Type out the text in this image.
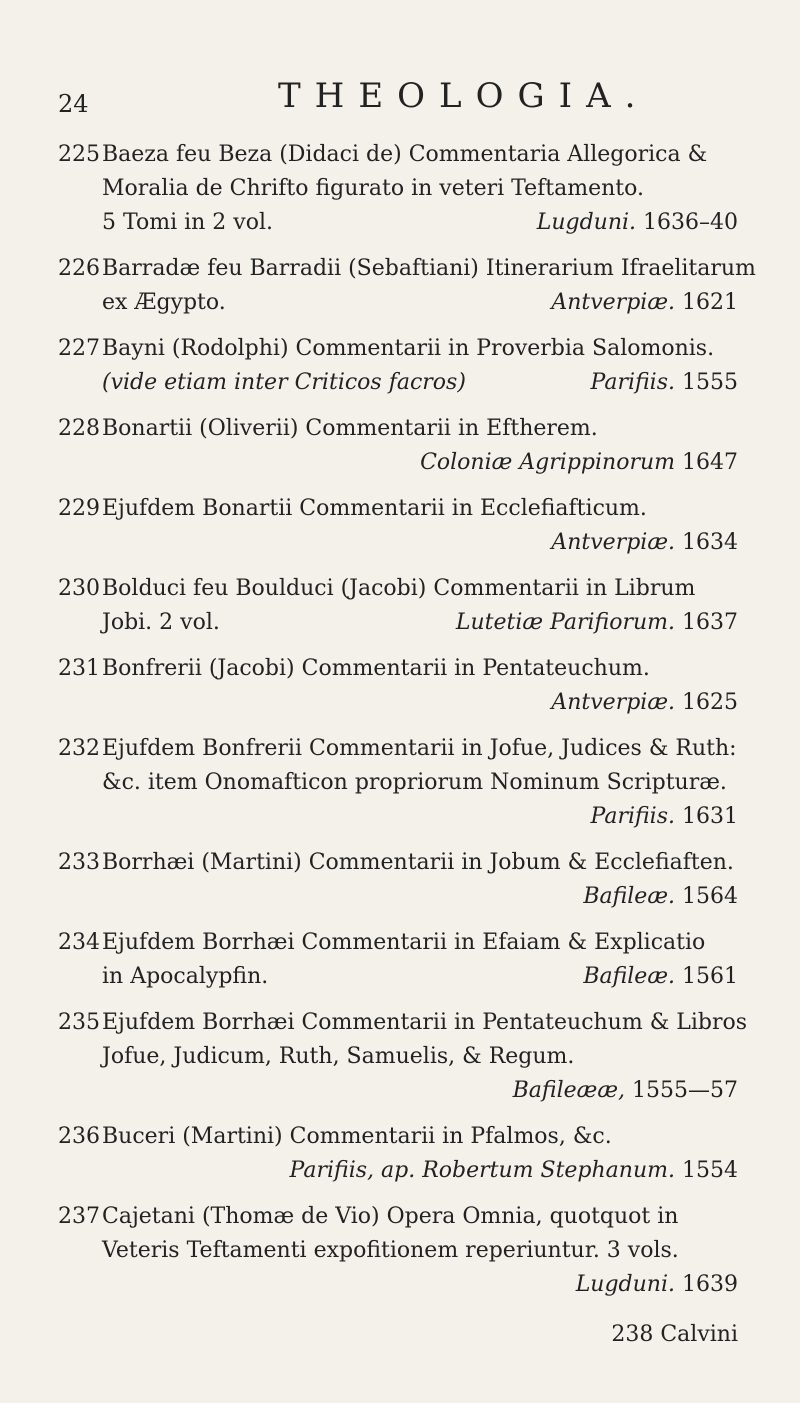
24	THEOLOGIA.
225 Baeza feu Beza (Didaci de) Commentaria Allegorica &
Moralia de Chrifto figurato in veteri Teftamento.
5 Tomi in 2 vol.	Lugduni. 1636–40
226 Barradæ feu Barradii (Sebaftiani) Itinerarium Ifraelitarum
ex Ægypto.	Antverpiæ. 1621
227 Bayni (Rodolphi) Commentarii in Proverbia Salomonis.
(vide etiam inter Criticos facros)	Parifiis. 1555
228 Bonartii (Oliverii) Commentarii in Eftherem.
Coloniæ Agrippinorum 1647
229 Ejufdem Bonartii Commentarii in Ecclefiafticum.
Antverpiæ. 1634
230 Bolduci feu Boulduci (Jacobi) Commentarii in Librum
Jobi. 2 vol.	Lutetiæ Parifiorum. 1637
231 Bonfrerii (Jacobi) Commentarii in Pentateuchum.
Antverpiæ. 1625
232 Ejufdem Bonfrerii Commentarii in Jofue, Judices & Ruth:
&c. item Onomafticon propriorum Nominum Scripturæ.
Parifiis. 1631
233 Borrhæi (Martini) Commentarii in Jobum & Ecclefiaften.
Bafileæ. 1564
234 Ejufdem Borrhæi Commentarii in Efaiam & Explicatio
in Apocalypfin.	Bafileæ. 1561
235 Ejufdem Borrhæi Commentarii in Pentateuchum & Libros
Jofue, Judicum, Ruth, Samuelis, & Regum.
Bafileææ, 1555—57
236 Buceri (Martini) Commentarii in Pfalmos, &c.
Parifiis, ap. Robertum Stephanum. 1554
237 Cajetani (Thomæ de Vio) Opera Omnia, quotquot in
Veteris Teftamenti expofitionem reperiuntur. 3 vols.
Lugduni. 1639
238 Calvini
